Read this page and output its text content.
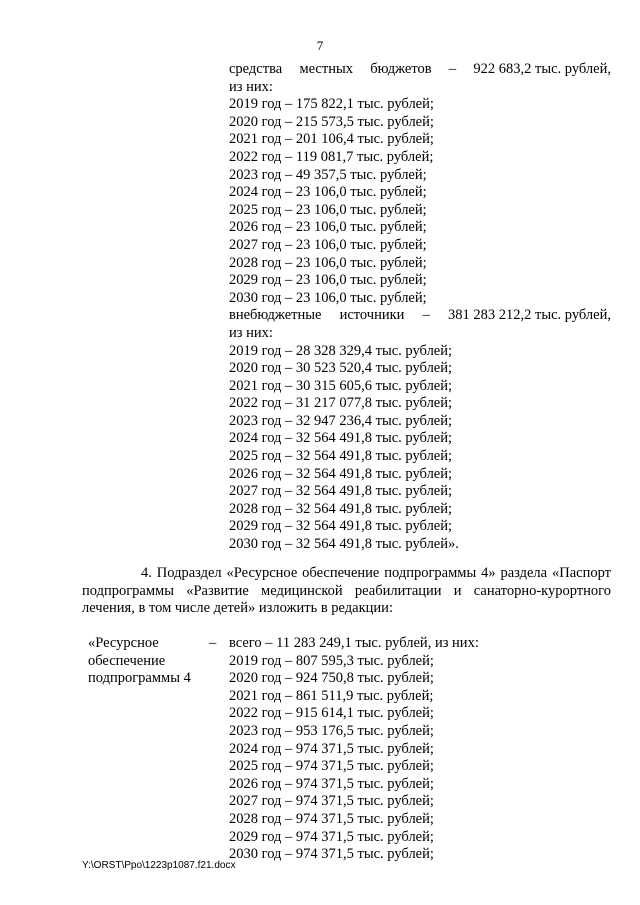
7
средства местных бюджетов – 922 683,2 тыс. рублей,
из них:
2019 год – 175 822,1 тыс. рублей;
2020 год – 215 573,5 тыс. рублей;
2021 год – 201 106,4 тыс. рублей;
2022 год – 119 081,7 тыс. рублей;
2023 год – 49 357,5 тыс. рублей;
2024 год – 23 106,0 тыс. рублей;
2025 год – 23 106,0 тыс. рублей;
2026 год – 23 106,0 тыс. рублей;
2027 год – 23 106,0 тыс. рублей;
2028 год – 23 106,0 тыс. рублей;
2029 год – 23 106,0 тыс. рублей;
2030 год – 23 106,0 тыс. рублей;
внебюджетные источники – 381 283 212,2 тыс. рублей,
из них:
2019 год – 28 328 329,4 тыс. рублей;
2020 год – 30 523 520,4 тыс. рублей;
2021 год – 30 315 605,6 тыс. рублей;
2022 год – 31 217 077,8 тыс. рублей;
2023 год – 32 947 236,4 тыс. рублей;
2024 год – 32 564 491,8 тыс. рублей;
2025 год – 32 564 491,8 тыс. рублей;
2026 год – 32 564 491,8 тыс. рублей;
2027 год – 32 564 491,8 тыс. рублей;
2028 год – 32 564 491,8 тыс. рублей;
2029 год – 32 564 491,8 тыс. рублей;
2030 год – 32 564 491,8 тыс. рублей».
4. Подраздел «Ресурсное обеспечение подпрограммы 4» раздела «Паспорт
подпрограммы «Развитие медицинской реабилитации и санаторно-курортного лечения, в том числе детей» изложить в редакции:
«Ресурсное обеспечение подпрограммы 4
– всего – 11 283 249,1 тыс. рублей, из них:
2019 год – 807 595,3 тыс. рублей;
2020 год – 924 750,8 тыс. рублей;
2021 год – 861 511,9 тыс. рублей;
2022 год – 915 614,1 тыс. рублей;
2023 год – 953 176,5 тыс. рублей;
2024 год – 974 371,5 тыс. рублей;
2025 год – 974 371,5 тыс. рублей;
2026 год – 974 371,5 тыс. рублей;
2027 год – 974 371,5 тыс. рублей;
2028 год – 974 371,5 тыс. рублей;
2029 год – 974 371,5 тыс. рублей;
2030 год – 974 371,5 тыс. рублей;
Y:\ORST\Ppo\1223p1087.f21.docx
